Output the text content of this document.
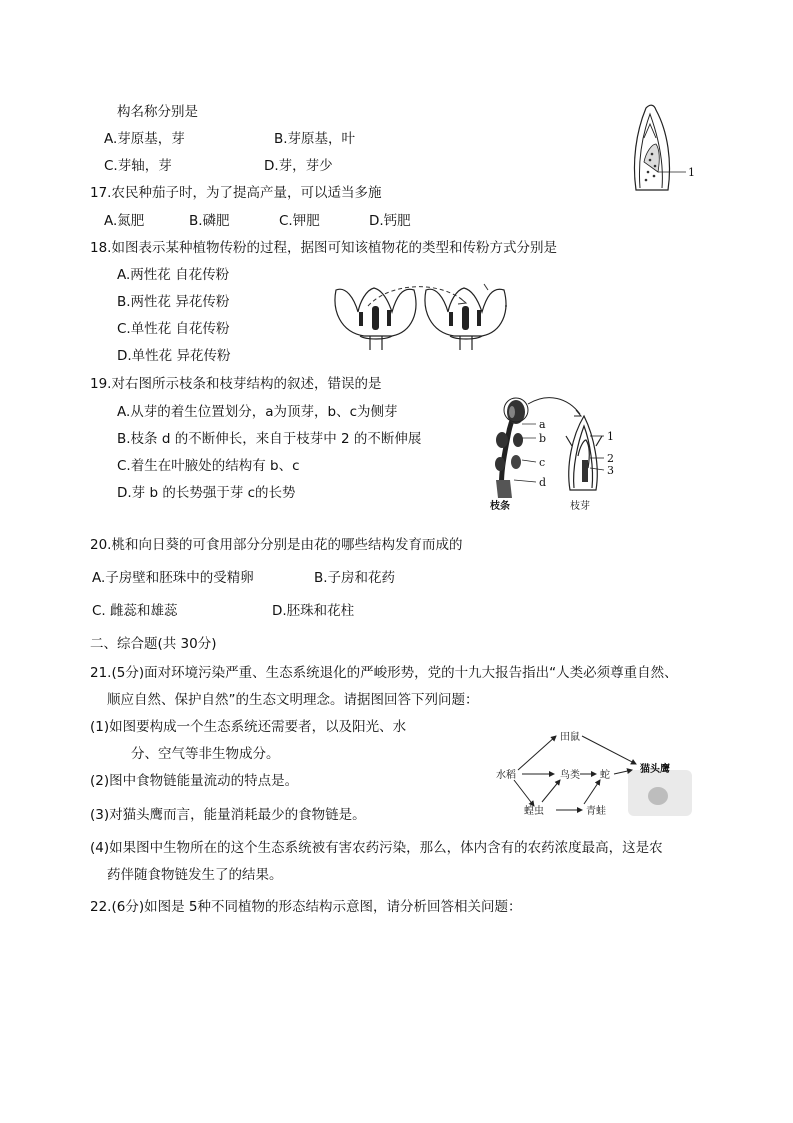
构名称分别是
A.芽原基，芽	B.芽原基，叶
C.芽轴，芽	D.芽，芽少	1
17.农民种茄子时，为了提高产量，可以适当多施
A.氮肥	B.磷肥	C.钾肥	D.钙肥
18.如图表示某种植物传粉的过程，据图可知该植物花的类型和传粉方式分别是
A.两性花 自花传粉
B.两性花 异花传粉
C.单性花 自花传粉
D.单性花 异花传粉
19.对右图所示枝条和枝芽结构的叙述，错误的是
A.从芽的着生位置划分，a为顶芽，b、c为侧芽
B.枝条 d 的不断伸长，来自于枝芽中 2 的不断伸展
C.着生在叶腋处的结构有 b、c
D.芽 b 的长势强于芽 c的长势
a
b
c
d
1
2
3
枝条	枝芽
20.桃和向日葵的可食用部分分别是由花的哪些结构发育而成的
A.子房壁和胚珠中的受精卵	B.子房和花药
C. 雌蕊和雄蕊	D.胚珠和花柱
二、综合题(共 30分)
21.(5分)面对环境污染严重、生态系统退化的严峻形势，党的十九大报告指出“人类必须尊重自然、
顺应自然、保护自然”的生态文明理念。请据图回答下列问题：
(1)如图要构成一个生态系统还需要者，以及阳光、水
分、空气等非生物成分。
(2)图中食物链能量流动的特点是。
(3)对猫头鹰而言，能量消耗最少的食物链是。
(4)如果图中生物所在的这个生态系统被有害农药污染，那么，体内含有的农药浓度最高，这是农
药伴随食物链发生了的结果。
水稻
田鼠
鸟类 蛇
猫头鹰
蝗虫	青蛙
22.(6分)如图是 5种不同植物的形态结构示意图，请分析回答相关问题：
